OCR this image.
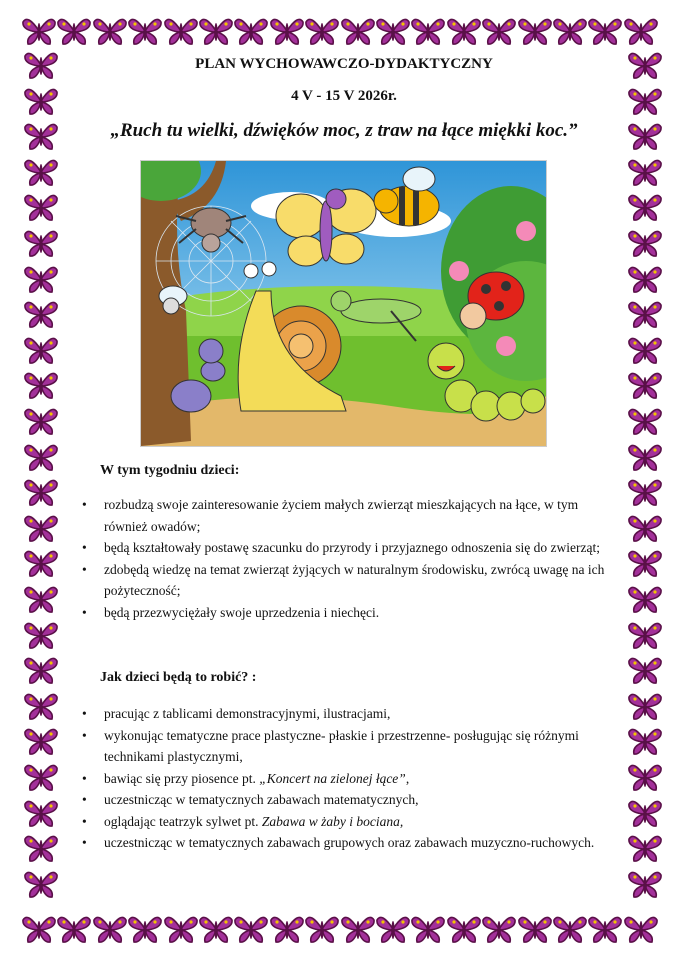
PLAN WYCHOWAWCZO-DYDAKTYCZNY
4 V - 15 V 2026r.
„Ruch tu wielki, dźwięków moc, z traw na łące miękki koc.”
W tym tygodniu dzieci:
• rozbudzą swoje zainteresowanie życiem małych zwierząt mieszkających na łące, w tym również owadów;
• będą kształtowały postawę szacunku do przyrody i przyjaznego odnoszenia się do zwierząt;
• zdobędą wiedzę na temat zwierząt żyjących w naturalnym środowisku, zwrócą uwagę na ich pożyteczność;
• będą przezwyciężały swoje uprzedzenia i niechęci.
Jak dzieci będą to robić? :
• pracując z tablicami demonstracyjnymi, ilustracjami,
• wykonując tematyczne prace plastyczne- płaskie i przestrzenne- posługując się różnymi technikami plastycznymi,
• bawiąc się przy piosence pt. „Koncert na zielonej łące”,
• uczestnicząc w tematycznych zabawach matematycznych,
• oglądając teatrzyk sylwet pt. Zabawa w żaby i bociana,
• uczestnicząc w tematycznych zabawach grupowych oraz zabawach muzyczno-ruchowych.
